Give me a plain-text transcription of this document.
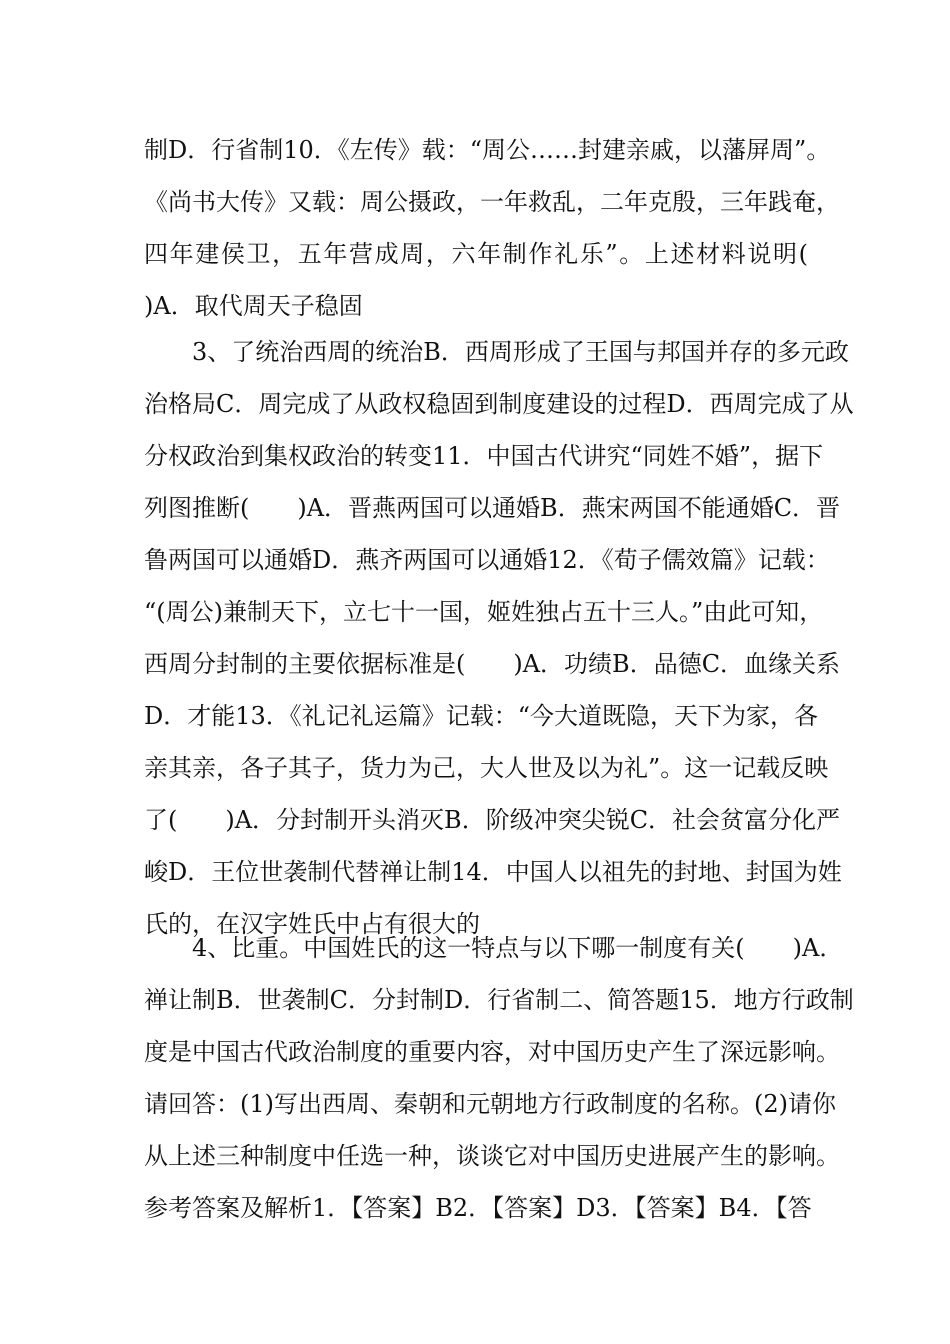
制D．行省制10．《左传》载：“周公……封建亲戚，以藩屏周”。
《尚书大传》又载：周公摄政，一年救乱，二年克殷，三年践奄，
四年建侯卫，五年营成周，六年制作礼乐”。上述材料说明(
)A．取代周天子稳固
3、了统治西周的统治B．西周形成了王国与邦国并存的多元政
治格局C．周完成了从政权稳固到制度建设的过程D．西周完成了从
分权政治到集权政治的转变11．中国古代讲究“同姓不婚”，据下
列图推断(　　)A．晋燕两国可以通婚B．燕宋两国不能通婚C．晋
鲁两国可以通婚D．燕齐两国可以通婚12．《荀子儒效篇》记载：
“(周公)兼制天下，立七十一国，姬姓独占五十三人。”由此可知，
西周分封制的主要依据标准是(　　)A．功绩B．品德C．血缘关系
D．才能13．《礼记礼运篇》记载：“今大道既隐，天下为家，各
亲其亲，各子其子，货力为己，大人世及以为礼”。这一记载反映
了(　　)A．分封制开头消灭B．阶级冲突尖锐C．社会贫富分化严
峻D．王位世袭制代替禅让制14．中国人以祖先的封地、封国为姓
氏的，在汉字姓氏中占有很大的
4、比重。中国姓氏的这一特点与以下哪一制度有关(　　)A．
禅让制B．世袭制C．分封制D．行省制二、简答题15．地方行政制
度是中国古代政治制度的重要内容，对中国历史产生了深远影响。
请回答：(1)写出西周、秦朝和元朝地方行政制度的名称。(2)请你
从上述三种制度中任选一种，谈谈它对中国历史进展产生的影响。
参考答案及解析1．【答案】B2．【答案】D3．【答案】B4．【答
